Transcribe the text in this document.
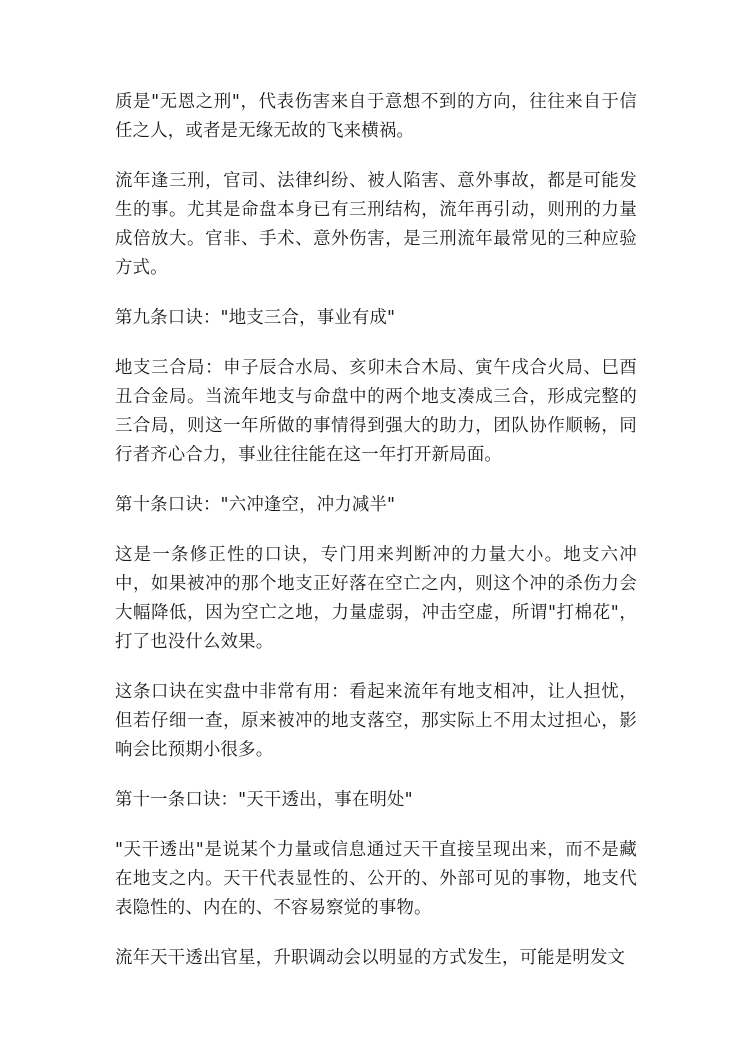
质是"无恩之刑"，代表伤害来自于意想不到的方向，往往来自于信任之人，或者是无缘无故的飞来横祸。

流年逢三刑，官司、法律纠纷、被人陷害、意外事故，都是可能发生的事。尤其是命盘本身已有三刑结构，流年再引动，则刑的力量成倍放大。官非、手术、意外伤害，是三刑流年最常见的三种应验方式。

第九条口诀："地支三合，事业有成"

地支三合局：申子辰合水局、亥卯未合木局、寅午戌合火局、巳酉丑合金局。当流年地支与命盘中的两个地支凑成三合，形成完整的三合局，则这一年所做的事情得到强大的助力，团队协作顺畅，同行者齐心合力，事业往往能在这一年打开新局面。

第十条口诀："六冲逢空，冲力减半"

这是一条修正性的口诀，专门用来判断冲的力量大小。地支六冲中，如果被冲的那个地支正好落在空亡之内，则这个冲的杀伤力会大幅降低，因为空亡之地，力量虚弱，冲击空虚，所谓"打棉花"，打了也没什么效果。

这条口诀在实盘中非常有用：看起来流年有地支相冲，让人担忧，但若仔细一查，原来被冲的地支落空，那实际上不用太过担心，影响会比预期小很多。

第十一条口诀："天干透出，事在明处"

"天干透出"是说某个力量或信息通过天干直接呈现出来，而不是藏在地支之内。天干代表显性的、公开的、外部可见的事物，地支代表隐性的、内在的、不容易察觉的事物。

流年天干透出官星，升职调动会以明显的方式发生，可能是明发文
